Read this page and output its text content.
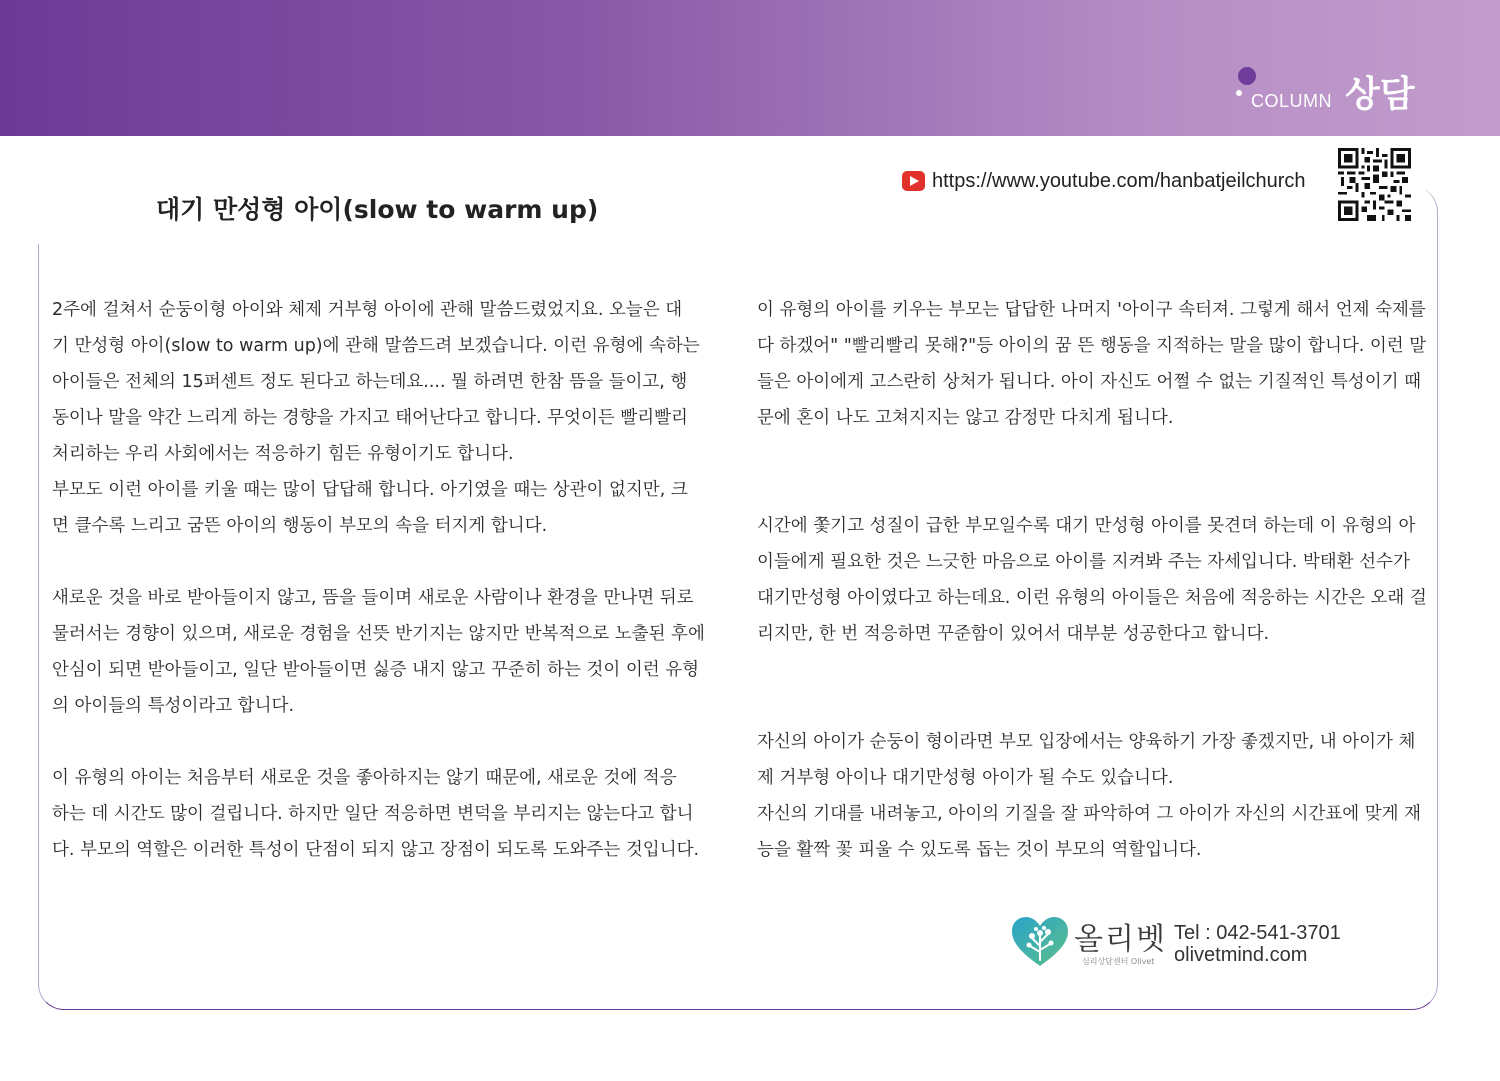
COLUMN 상담
https://www.youtube.com/hanbatjeilchurch
대기 만성형 아이(slow to warm up)

2주에 걸쳐서 순둥이형 아이와 체제 거부형 아이에 관해 말씀드렸었지요. 오늘은 대

기 만성형 아이(slow to warm up)에 관해 말씀드려 보겠습니다. 이런 유형에 속하는

아이들은 전체의 15퍼센트 정도 된다고 하는데요.... 뭘 하려면 한참 뜸을 들이고, 행

동이나 말을 약간 느리게 하는 경향을 가지고 태어난다고 합니다. 무엇이든 빨리빨리

처리하는 우리 사회에서는 적응하기 힘든 유형이기도 합니다.

부모도 이런 아이를 키울 때는 많이 답답해 합니다. 아기였을 때는 상관이 없지만, 크

면 클수록 느리고 굼뜬 아이의 행동이 부모의 속을 터지게 합니다.

새로운 것을 바로 받아들이지 않고, 뜸을 들이며 새로운 사람이나 환경을 만나면 뒤로

물러서는 경향이 있으며, 새로운 경험을 선뜻 반기지는 않지만 반복적으로 노출된 후에

안심이 되면 받아들이고, 일단 받아들이면 싫증 내지 않고 꾸준히 하는 것이 이런 유형

의 아이들의 특성이라고 합니다.

이 유형의 아이는 처음부터 새로운 것을 좋아하지는 않기 때문에, 새로운 것에 적응

하는 데 시간도 많이 걸립니다. 하지만 일단 적응하면 변덕을 부리지는 않는다고 합니

다. 부모의 역할은 이러한 특성이 단점이 되지 않고 장점이 되도록 도와주는 것입니다.

이 유형의 아이를 키우는 부모는 답답한 나머지 '아이구 속터져. 그렇게 해서 언제 숙제를

다 하겠어" "빨리빨리 못해?"등 아이의 꿈 뜬 행동을 지적하는 말을 많이 합니다. 이런 말

들은 아이에게 고스란히 상처가 됩니다. 아이 자신도 어쩔 수 없는 기질적인 특성이기 때

문에 혼이 나도 고쳐지지는 않고 감정만 다치게 됩니다.

시간에 쫓기고 성질이 급한 부모일수록 대기 만성형 아이를 못견뎌 하는데 이 유형의 아

이들에게 필요한 것은 느긋한 마음으로 아이를 지켜봐 주는 자세입니다. 박태환 선수가

대기만성형 아이였다고 하는데요. 이런 유형의 아이들은 처음에 적응하는 시간은 오래 걸

리지만, 한 번 적응하면 꾸준함이 있어서 대부분 성공한다고 합니다.

자신의 아이가 순둥이 형이라면 부모 입장에서는 양육하기 가장 좋겠지만, 내 아이가 체

제 거부형 아이나 대기만성형 아이가 될 수도 있습니다.

자신의 기대를 내려놓고, 아이의 기질을 잘 파악하여 그 아이가 자신의 시간표에 맞게 재

능을 활짝 꽃 피울 수 있도록 돕는 것이 부모의 역할입니다.

올리벳
심리상담센터 Olivet
Tel : 042-541-3701
olivetmind.com
